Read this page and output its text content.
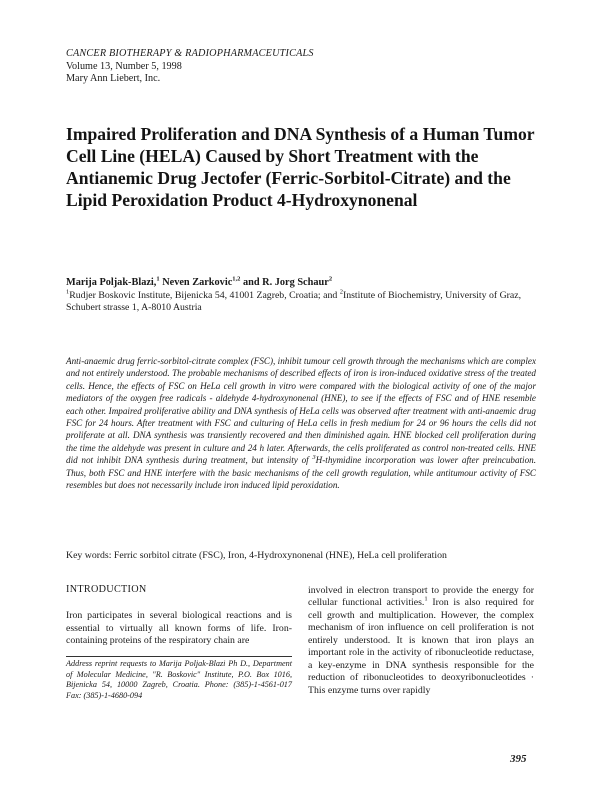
CANCER BIOTHERAPY & RADIOPHARMACEUTICALS
Volume 13, Number 5, 1998
Mary Ann Liebert, Inc.
Impaired Proliferation and DNA Synthesis of a Human Tumor Cell Line (HELA) Caused by Short Treatment with the Antianemic Drug Jectofer (Ferric-Sorbitol-Citrate) and the Lipid Peroxidation Product 4-Hydroxynonenal
Marija Poljak-Blazi,$^1$ Neven Zarkovic$^{1,2}$ and R. Jorg Schaur$^2$
$^1$Rudjer Boskovic Institute, Bijenicka 54, 41001 Zagreb, Croatia; and $^2$Institute of Biochemistry, University of Graz, Schubert strasse 1, A-8010 Austria
Anti-anaemic drug ferric-sorbitol-citrate complex (FSC), inhibit tumour cell growth through the mechanisms which are complex and not entirely understood. The probable mechanisms of described effects of iron is iron-induced oxidative stress of the treated cells. Hence, the effects of FSC on HeLa cell growth in vitro were compared with the biological activity of one of the major mediators of the oxygen free radicals - aldehyde 4-hydroxynonenal (HNE), to see if the effects of FSC and of HNE resemble each other. Impaired proliferative ability and DNA synthesis of HeLa cells was observed after treatment with anti-anaemic drug FSC for 24 hours. After treatment with FSC and culturing of HeLa cells in fresh medium for 24 or 96 hours the cells did not proliferate at all. DNA synthesis was transiently recovered and then diminished again. HNE blocked cell proliferation during the time the aldehyde was present in culture and 24 h later. Afterwards, the cells proliferated as control non-treated cells. HNE did not inhibit DNA synthesis during treatment, but intensity of $^3$H-thymidine incorporation was lower after preincubation. Thus, both FSC and HNE interfere with the basic mechanisms of the cell growth regulation, while antitumour activity of FSC resembles but does not necessarily include iron induced lipid peroxidation.
Key words: Ferric sorbitol citrate (FSC), Iron, 4-Hydroxynonenal (HNE), HeLa cell proliferation
INTRODUCTION
Iron participates in several biological reactions and is essential to virtually all known forms of life. Iron-containing proteins of the respiratory chain are
Address reprint requests to Marija Poljak-Blazi Ph D., Department of Molecular Medicine, "R. Boskovic" Institute, P.O. Box 1016, Bijenicka 54, 10000 Zagreb, Croatia. Phone: (385)-1-4561-017 Fax: (385)-1-4680-094
involved in electron transport to provide the energy for cellular functional activities.$^1$ Iron is also required for cell growth and multiplication. However, the complex mechanism of iron influence on cell proliferation is not entirely understood. It is known that iron plays an important role in the activity of ribonucleotide reductase, a key-enzyme in DNA synthesis responsible for the reduction of ribonucleotides to deoxyribonucleotides · This enzyme turns over rapidly
395
